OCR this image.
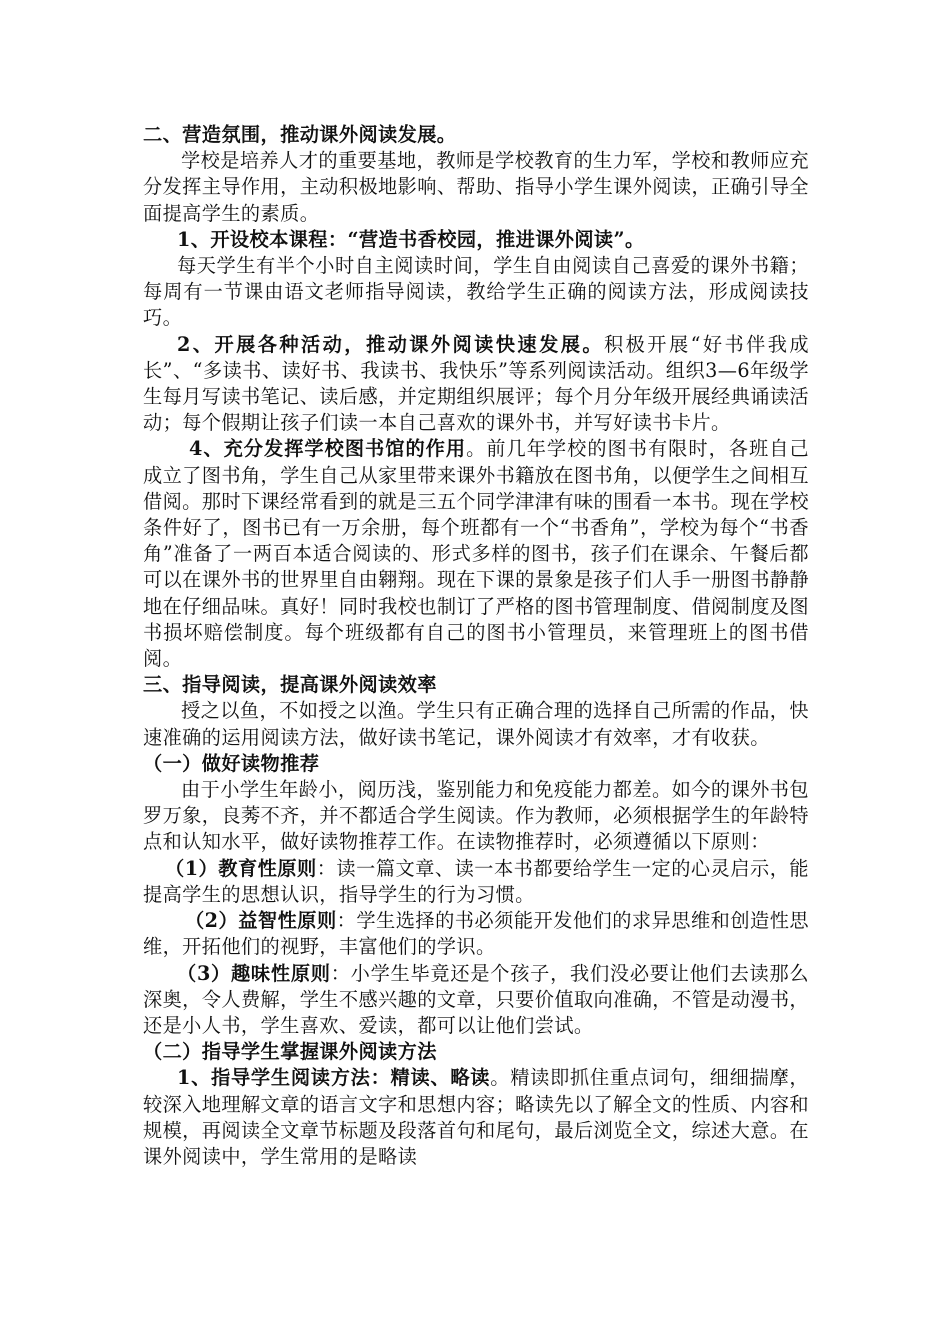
二、营造氛围，推动课外阅读发展。

学校是培养人才的重要基地，教师是学校教育的生力军，学校和教师应充分发挥主导作用，主动积极地影响、帮助、指导小学生课外阅读，正确引导全面提高学生的素质。

1、开设校本课程：“营造书香校园，推进课外阅读”。

每天学生有半个小时自主阅读时间，学生自由阅读自己喜爱的课外书籍；每周有一节课由语文老师指导阅读，教给学生正确的阅读方法，形成阅读技巧。

2、开展各种活动，推动课外阅读快速发展。积极开展“好书伴我成长”、“多读书、读好书、我读书、我快乐”等系列阅读活动。组织3—6年级学生每月写读书笔记、读后感，并定期组织展评；每个月分年级开展经典诵读活动；每个假期让孩子们读一本自己喜欢的课外书，并写好读书卡片。

4、充分发挥学校图书馆的作用。前几年学校的图书有限时，各班自己成立了图书角，学生自己从家里带来课外书籍放在图书角，以便学生之间相互借阅。那时下课经常看到的就是三五个同学津津有味的围看一本书。现在学校条件好了，图书已有一万余册，每个班都有一个“书香角”，学校为每个“书香角”准备了一两百本适合阅读的、形式多样的图书，孩子们在课余、午餐后都可以在课外书的世界里自由翱翔。现在下课的景象是孩子们人手一册图书静静地在仔细品味。真好！同时我校也制订了严格的图书管理制度、借阅制度及图书损坏赔偿制度。每个班级都有自己的图书小管理员，来管理班上的图书借阅。

三、指导阅读，提高课外阅读效率

授之以鱼，不如授之以渔。学生只有正确合理的选择自己所需的作品，快速准确的运用阅读方法，做好读书笔记，课外阅读才有效率，才有收获。

（一）做好读物推荐

由于小学生年龄小，阅历浅，鉴别能力和免疫能力都差。如今的课外书包罗万象，良莠不齐，并不都适合学生阅读。作为教师，必须根据学生的年龄特点和认知水平，做好读物推荐工作。在读物推荐时，必须遵循以下原则：

（1）教育性原则：读一篇文章、读一本书都要给学生一定的心灵启示，能提高学生的思想认识，指导学生的行为习惯。

（2）益智性原则：学生选择的书必须能开发他们的求异思维和创造性思维，开拓他们的视野，丰富他们的学识。

（3）趣味性原则：小学生毕竟还是个孩子，我们没必要让他们去读那么深奥，令人费解，学生不感兴趣的文章，只要价值取向准确，不管是动漫书，还是小人书，学生喜欢、爱读，都可以让他们尝试。

（二）指导学生掌握课外阅读方法

1、指导学生阅读方法：精读、略读。精读即抓住重点词句，细细揣摩，较深入地理解文章的语言文字和思想内容；略读先以了解全文的性质、内容和规模，再阅读全文章节标题及段落首句和尾句，最后浏览全文，综述大意。在课外阅读中，学生常用的是略读
